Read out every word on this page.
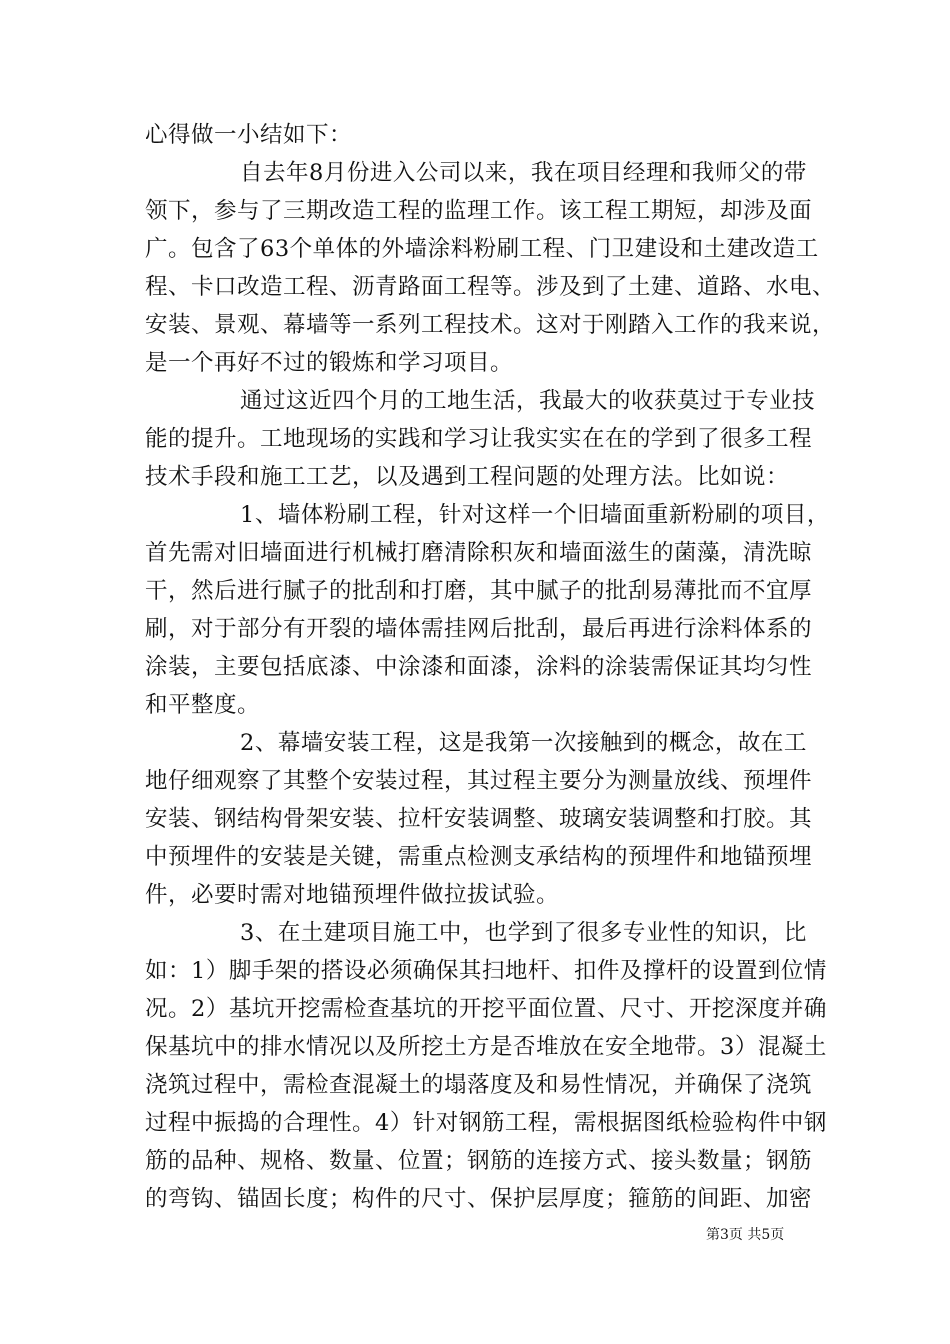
心得做一小结如下：
自去年8月份进入公司以来，我在项目经理和我师父的带
领下，参与了三期改造工程的监理工作。该工程工期短，却涉及面
广。包含了63个单体的外墙涂料粉刷工程、门卫建设和土建改造工
程、卡口改造工程、沥青路面工程等。涉及到了土建、道路、水电、
安装、景观、幕墙等一系列工程技术。这对于刚踏入工作的我来说，
是一个再好不过的锻炼和学习项目。
通过这近四个月的工地生活，我最大的收获莫过于专业技
能的提升。工地现场的实践和学习让我实实在在的学到了很多工程
技术手段和施工工艺，以及遇到工程问题的处理方法。比如说：
1、墙体粉刷工程，针对这样一个旧墙面重新粉刷的项目，
首先需对旧墙面进行机械打磨清除积灰和墙面滋生的菌藻，清洗晾
干，然后进行腻子的批刮和打磨，其中腻子的批刮易薄批而不宜厚
刷，对于部分有开裂的墙体需挂网后批刮，最后再进行涂料体系的
涂装，主要包括底漆、中涂漆和面漆，涂料的涂装需保证其均匀性
和平整度。
2、幕墙安装工程，这是我第一次接触到的概念，故在工
地仔细观察了其整个安装过程，其过程主要分为测量放线、预埋件
安装、钢结构骨架安装、拉杆安装调整、玻璃安装调整和打胶。其
中预埋件的安装是关键，需重点检测支承结构的预埋件和地锚预埋
件，必要时需对地锚预埋件做拉拔试验。
3、在土建项目施工中，也学到了很多专业性的知识，比
如：1）脚手架的搭设必须确保其扫地杆、扣件及撑杆的设置到位情
况。2）基坑开挖需检查基坑的开挖平面位置、尺寸、开挖深度并确
保基坑中的排水情况以及所挖土方是否堆放在安全地带。3）混凝土
浇筑过程中，需检查混凝土的塌落度及和易性情况，并确保了浇筑
过程中振捣的合理性。4）针对钢筋工程，需根据图纸检验构件中钢
筋的品种、规格、数量、位置；钢筋的连接方式、接头数量；钢筋
的弯钩、锚固长度；构件的尺寸、保护层厚度；箍筋的间距、加密
第3页 共5页
